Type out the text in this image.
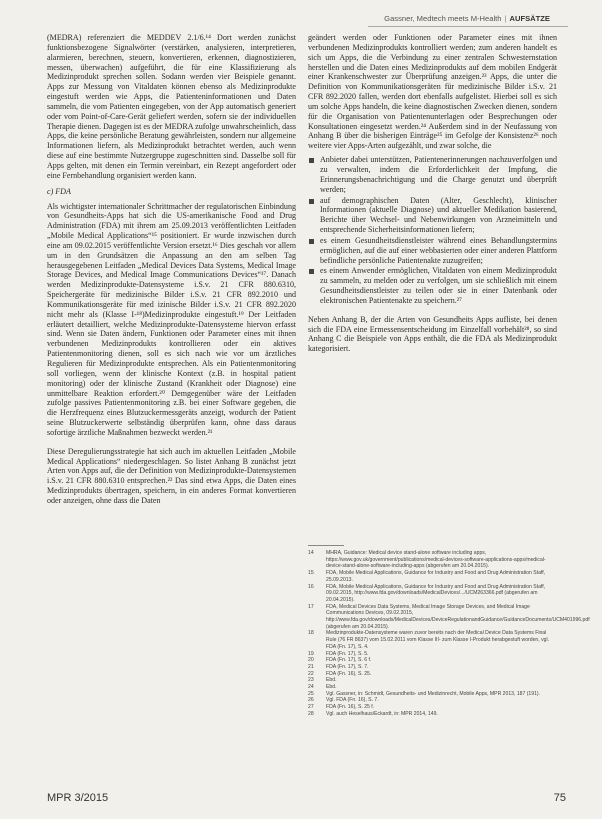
Gassner, Medtech meets M-Health | AUFSÄTZE

(MEDRA) referenziert die MEDDEV 2.1/6.¹⁴ Dort werden zunächst funktionsbezogene Signalwörter (verstärken, analysieren, interpretieren, alarmieren, berechnen, steuern, konvertieren, erkennen, diagnostizieren, messen, überwachen) aufgeführt, die für eine Klassifizierung als Medizinprodukt sprechen sollen. Sodann werden vier Beispiele genannt. Apps zur Messung von Vitaldaten können ebenso als Medizinprodukte eingestuft werden wie Apps, die Patienteninformationen und Daten sammeln, die vom Patienten eingegeben, von der App automatisch generiert oder vom Point-of-Care-Gerät geliefert werden, sofern sie der individuellen Therapie dienen. Dagegen ist es der MEDRA zufolge unwahrscheinlich, dass Apps, die keine persönliche Beratung gewährleisten, sondern nur allgemeine Informationen liefern, als Medizinprodukt betrachtet werden, auch wenn diese auf eine bestimmte Nutzergruppe zugeschnitten sind. Dasselbe soll für Apps gelten, mit denen ein Termin vereinbart, ein Rezept angefordert oder eine Fernbehandlung organisiert werden kann.

c) FDA

Als wichtigster internationaler Schrittmacher der regulatorischen Einbindung von Gesundheits-Apps hat sich die US-amerikanische Food and Drug Administration (FDA) mit ihrem am 25.09.2013 veröffentlichten Leitfaden „Mobile Medical Applications“¹⁵ positioniert. Er wurde inzwischen durch eine am 09.02.2015 veröffentlichte Version ersetzt.¹⁶ Dies geschah vor allem um in den Grundsätzen die Anpassung an den am selben Tag herausgegebenen Leitfaden „Medical Devices Data Systems, Medical Image Storage Devices, and Medical Image Communications Devices“¹⁷. Danach werden Medizinprodukte-Datensysteme i.S.v. 21 CFR 880.6310, Speichergeräte für medizinische Bilder i.S.v. 21 CFR 892.2010 und Kommunikationsgeräte für med izinische Bilder i.S.v. 21 CFR 892.2020 nicht mehr als (Klasse I-¹⁸)Medizinprodukte eingestuft.¹⁹ Der Leitfaden erläutert detailliert, welche Medizinprodukte-Datensysteme hiervon erfasst sind. Wenn sie Daten ändern, Funktionen oder Parameter eines mit ihnen verbundenen Medizinprodukts kontrollieren oder ein aktives Patientenmonitoring dienen, soll es sich nach wie vor um ärztliches Regulieren für Medizinprodukte entsprechen. Als ein Patientenmonitoring soll vorliegen, wenn der klinische Kontext (z.B. in hospital patient monitoring) oder der klinische Zustand (Krankheit oder Diagnose) eine unmittelbare Reaktion erfordert.²⁰ Demgegenüber wäre der Leitfaden zufolge passives Patientenmonitoring z.B. bei einer Software gegeben, die die Herzfrequenz eines Blutzuckermessgeräts anzeigt, wodurch der Patient seine Blutzuckerwerte selbständig überprüfen kann, ohne dass daraus sofortige ärztliche Maßnahmen bezweckt werden.²¹

Diese Deregulierungsstrategie hat sich auch im aktuellen Leitfaden „Mobile Medical Applications“ niedergeschlagen. So listet Anhang B zunächst jetzt Arten von Apps auf, die der Definition von Medizinprodukte-Datensystemen i.S.v. 21 CFR 880.6310 entsprechen.²² Das sind etwa Apps, die Daten eines Medizinprodukts übertragen, speichern, in ein anderes Format konvertieren oder anzeigen, ohne dass die Daten

geändert werden oder Funktionen oder Parameter eines mit ihnen verbundenen Medizinprodukts kontrolliert werden; zum anderen handelt es sich um Apps, die die Verbindung zu einer zentralen Schwesternstation herstellen und die Daten eines Medizinprodukts auf dem mobilen Endgerät einer Krankenschwester zur Überprüfung anzeigen.²³ Apps, die unter die Definition von Kommunikationsgeräten für medizinische Bilder i.S.v. 21 CFR 892.2020 fallen, werden dort ebenfalls aufgelistet. Hierbei soll es sich um solche Apps handeln, die keine diagnostischen Zwecken dienen, sondern für die Organisation von Patientenunterlagen oder Besprechungen oder Konsultationen eingesetzt werden.²⁴ Außerdem sind in der Neufassung von Anhang B über die bisherigen Einträge²⁵ im Gefolge der Konsistenz²⁶ noch weitere vier Apps-Arten aufgezählt, und zwar solche, die

Anbieter dabei unterstützen, Patientenerinnerungen nachzuverfolgen und zu verwalten, indem die Erforderlichkeit der Impfung, die Erinnerungsbenachrichtigung und die Charge genutzt und überprüft werden;
auf demographischen Daten (Alter, Geschlecht), klinischer Informationen (aktuelle Diagnose) und aktueller Medikation basierend, Berichte über Wechsel- und Nebenwirkungen von Arzneimitteln und entsprechende Sicherheitsinformationen liefern;
es einem Gesundheitsdienstleister während eines Behandlungstermins ermöglichen, auf die auf einer webbasierten oder einer anderen Plattform befindliche persönliche Patientenakte zuzugreifen;
es einem Anwender ermöglichen, Vitaldaten von einem Medizinprodukt zu sammeln, zu melden oder zu verfolgen, um sie schließlich mit einem Gesundheitsdienstleister zu teilen oder sie in einer Datenbank oder elektronischen Patientenakte zu speichern.²⁷

Neben Anhang B, der die Arten von Gesundheits Apps aufliste, bei denen sich die FDA eine Ermessensentscheidung im Einzelfall vorbehält²⁸, so sind Anhang C die Beispiele von Apps enthält, die die FDA als Medizinprodukt kategorisiert.

14 MHRA, Guidance: Medical device stand-alone software including apps, https://www.gov.uk/government/publications/medical-devices-software-applications-apps/medical-device-stand-alone-software-including-apps (abgerufen am 20.04.2015).
15 FDA, Mobile Medical Applications, Guidance for Industry and Food and Drug Administration Staff, 25.09.2013.
16 FDA, Mobile Medical Applications, Guidance for Industry and Food and Drug Administration Staff, 09.02.2015, http://www.fda.gov/downloads/MedicalDevices/.../UCM263366.pdf (abgerufen am 20.04.2015).
17 FDA, Medical Devices Data Systems, Medical Image Storage Devices, and Medical Image Communications Devices, 09.02.2015, http://www.fda.gov/downloads/MedicalDevices/DeviceRegulationandGuidance/GuidanceDocuments/UCM401996.pdf (abgerufen am 20.04.2015).
18 Medizinprodukte-Datensysteme waren zuvor bereits nach der Medical Device Data Systems Final Rule (76 FR 8637) vom 15.02.2011 vom Klasse III- zum Klasse I-Produkt herabgestuft worden, vgl. FDA (Fn. 17), S. 4.
19 FDA (Fn. 17), S. 5.
20 FDA (Fn. 17), S. 6 f.
21 FDA (Fn. 17), S. 7.
22 FDA (Fn. 16), S. 25.
23 Ebd.
24 Ebd.
25 Vgl. Gassner, in: Schmidt, Gesundheits- und Medizinrecht, Mobile Apps, MPR 2013, 187 (191).
26 Vgl. FDA (Fn. 16), S. 7.
27 FDA (Fn. 16), S. 25 f.
28 Vgl. auch Heselhaus/Eckardt, in: MPR 2014, 149.
MPR 3/2015	75
